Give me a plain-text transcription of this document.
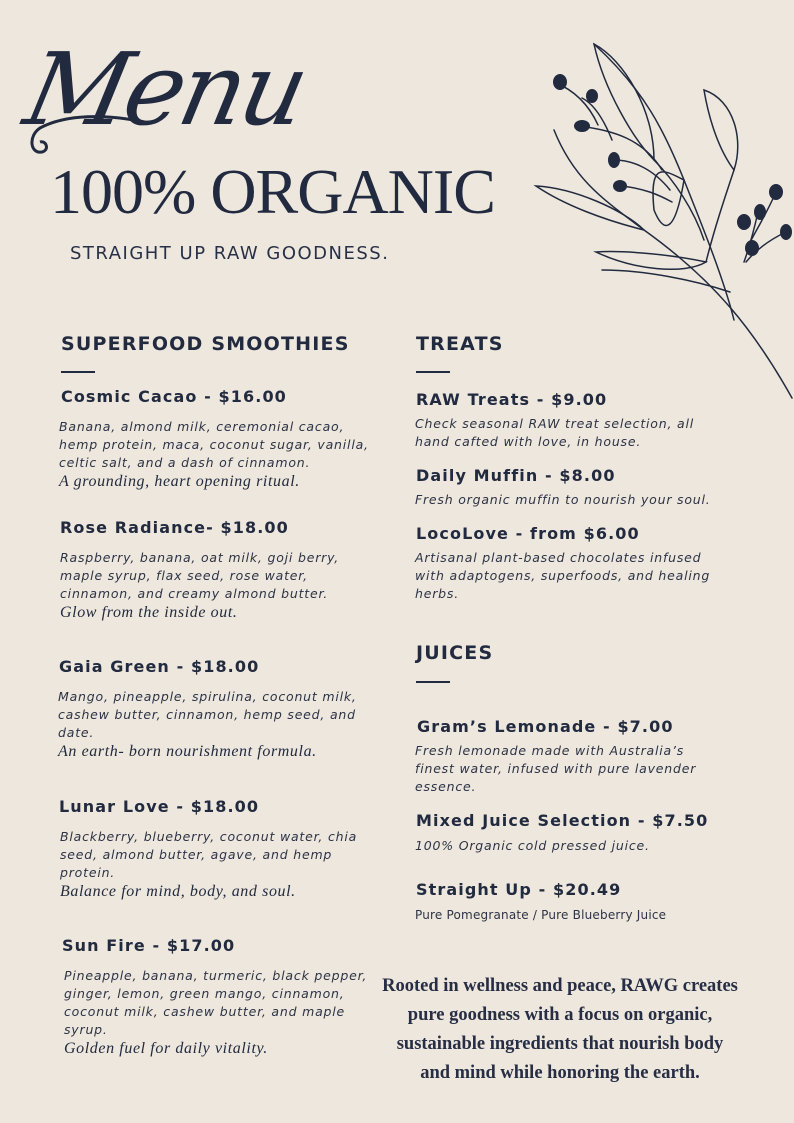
Menu
100% ORGANIC
STRAIGHT UP RAW GOODNESS.
SUPERFOOD SMOOTHIES
Cosmic Cacao - $16.00
Banana, almond milk, ceremonial cacao, hemp protein, maca, coconut sugar, vanilla, celtic salt, and a dash of cinnamon.
A grounding, heart opening ritual.
Rose Radiance- $18.00
Raspberry, banana, oat milk, goji berry, maple syrup, flax seed, rose water, cinnamon, and creamy almond butter.
Glow from the inside out.
Gaia Green - $18.00
Mango, pineapple, spirulina, coconut milk, cashew butter, cinnamon, hemp seed, and date.
An earth- born nourishment formula.
Lunar Love - $18.00
Blackberry, blueberry, coconut water, chia seed, almond butter, agave, and hemp protein.
Balance for mind, body, and soul.
Sun Fire - $17.00
Pineapple, banana, turmeric, black pepper, ginger, lemon, green mango, cinnamon, coconut milk, cashew butter, and maple syrup.
Golden fuel for daily vitality.
TREATS
RAW Treats - $9.00
Check seasonal RAW treat selection, all hand cafted with love, in house.
Daily Muffin - $8.00
Fresh organic muffin to nourish your soul.
LocoLove - from $6.00
Artisanal plant-based chocolates infused with adaptogens, superfoods, and healing herbs.
JUICES
Gram’s Lemonade - $7.00
Fresh lemonade made with Australia’s finest water, infused with pure lavender essence.
Mixed Juice Selection - $7.50
100% Organic cold pressed juice.
Straight Up - $20.49
Pure Pomegranate / Pure Blueberry Juice
Rooted in wellness and peace, RAWG creates pure goodness with a focus on organic, sustainable ingredients that nourish body and mind while honoring the earth.
